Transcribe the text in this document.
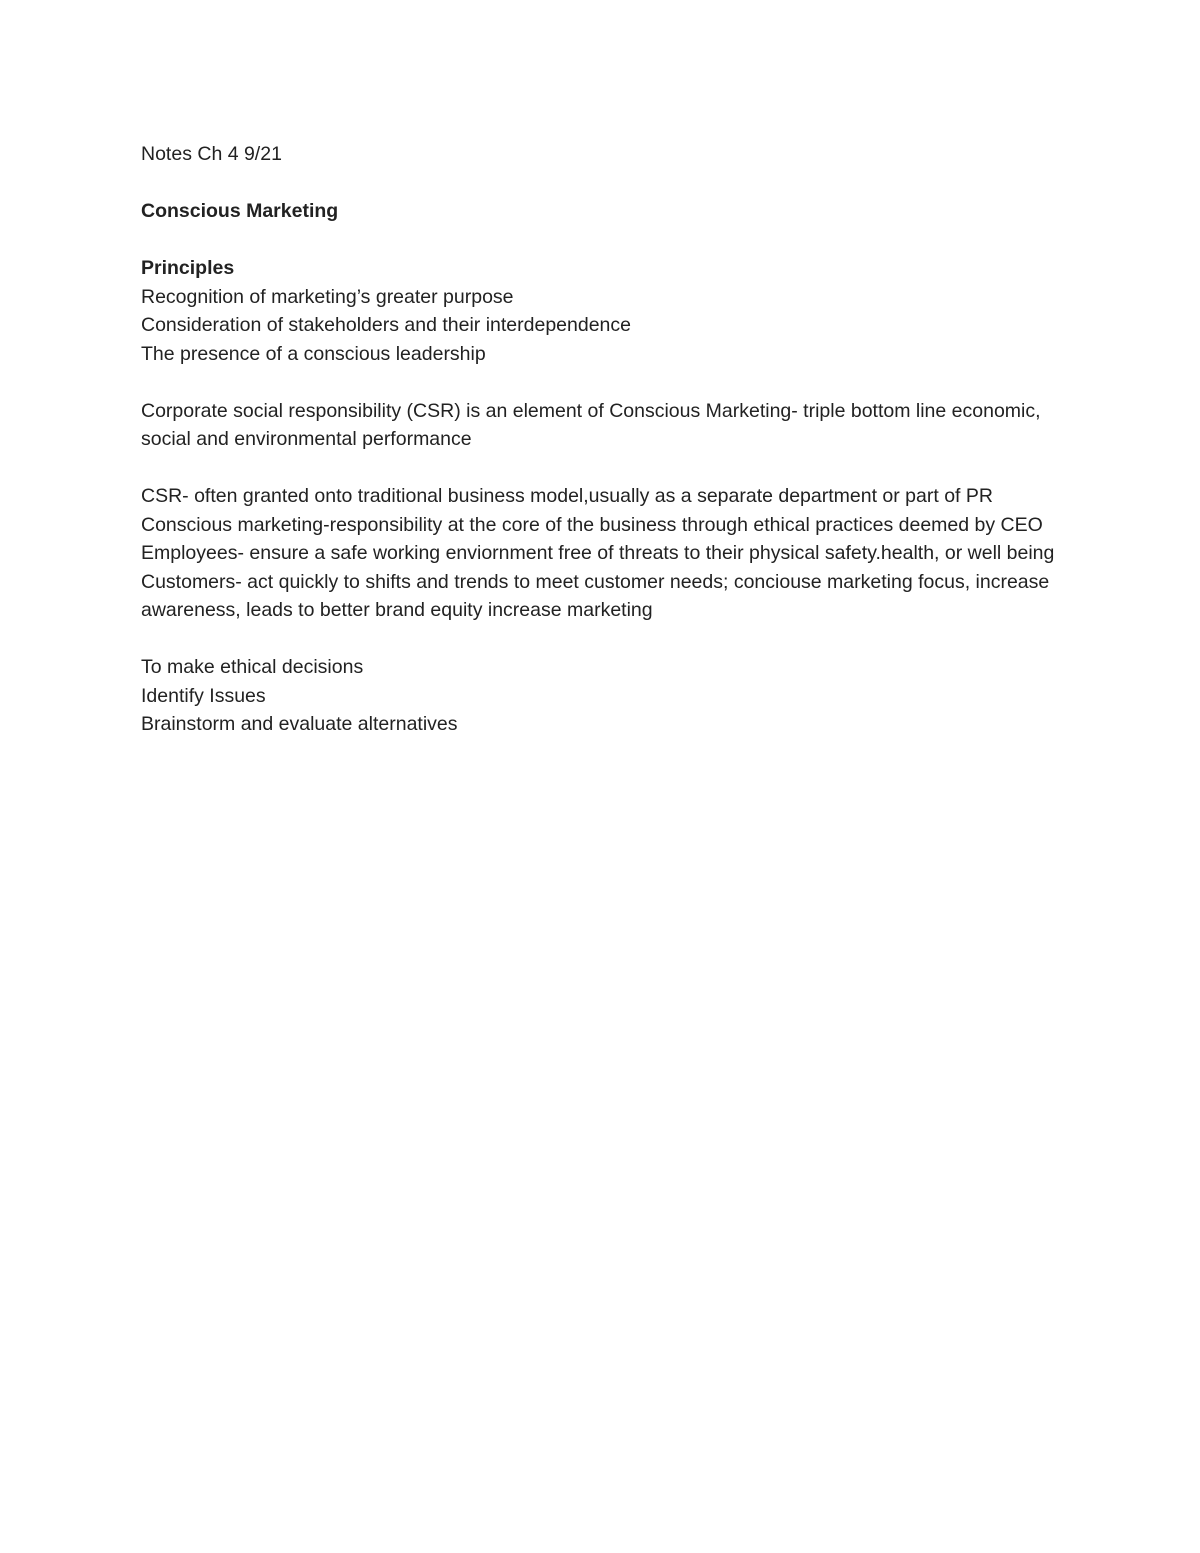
Notes Ch 4 9/21

Conscious Marketing

Principles

Recognition of marketing’s greater purpose

Consideration of stakeholders and their interdependence

The presence of a conscious leadership

Corporate social responsibility (CSR) is an element of Conscious Marketing- triple bottom line economic, social and environmental performance

CSR- often granted onto traditional business model,usually as a separate department or part of PR

Conscious marketing-responsibility at the core of the business through ethical practices deemed by CEO

Employees- ensure a safe working enviornment free of threats to their physical safety.health, or well being

Customers- act quickly to shifts and trends to meet customer needs; conciouse marketing focus, increase awareness, leads to better brand equity increase marketing

To make ethical decisions

Identify Issues

Brainstorm and evaluate alternatives
